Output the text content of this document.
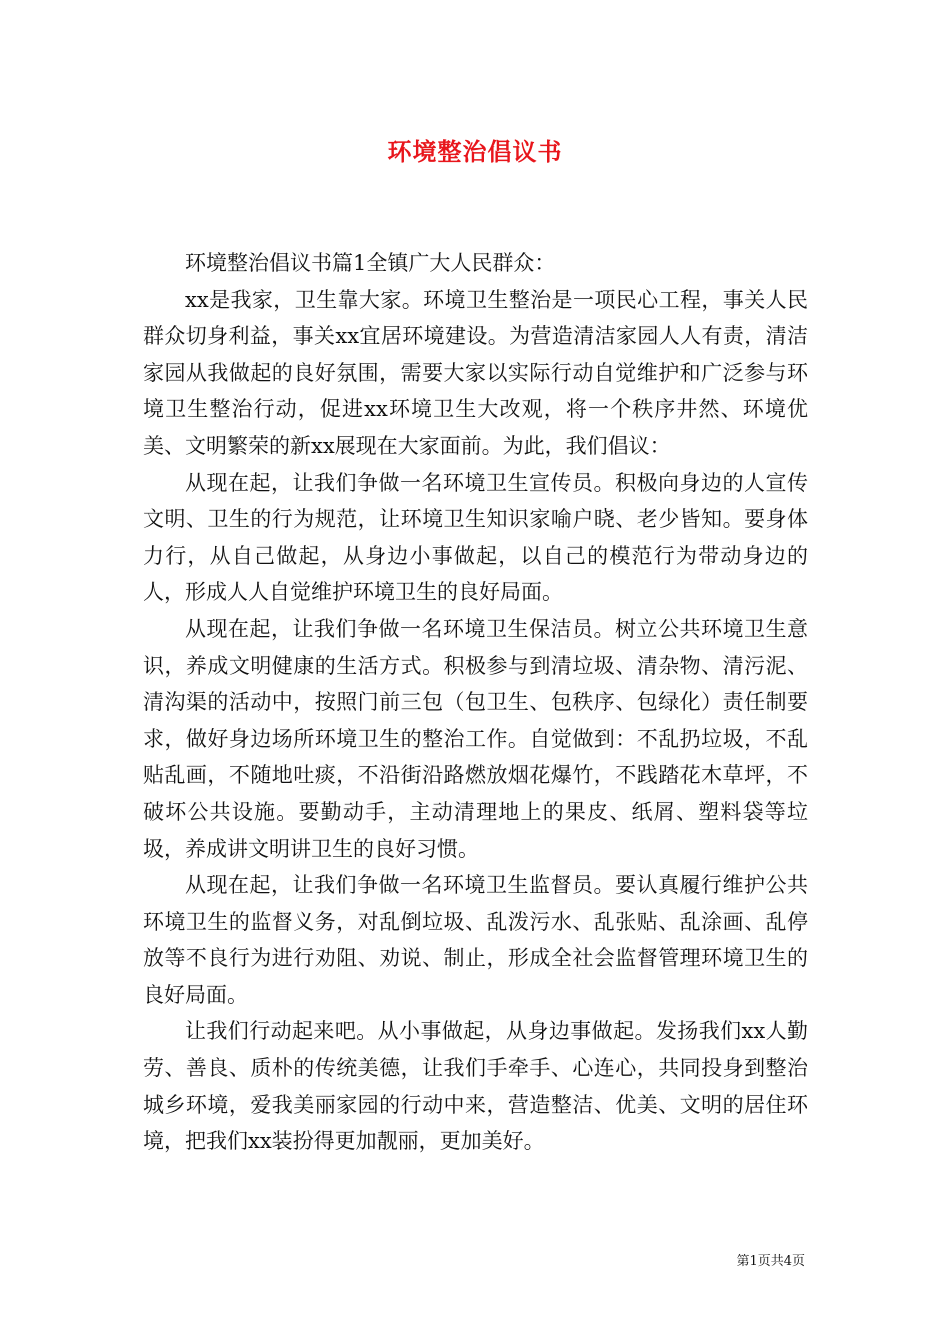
环境整治倡议书

环境整治倡议书篇1全镇广大人民群众：

xx是我家，卫生靠大家。环境卫生整治是一项民心工程，事关人民群众切身利益，事关xx宜居环境建设。为营造清洁家园人人有责，清洁家园从我做起的良好氛围，需要大家以实际行动自觉维护和广泛参与环境卫生整治行动，促进xx环境卫生大改观，将一个秩序井然、环境优美、文明繁荣的新xx展现在大家面前。为此，我们倡议：

从现在起，让我们争做一名环境卫生宣传员。积极向身边的人宣传文明、卫生的行为规范，让环境卫生知识家喻户晓、老少皆知。要身体力行，从自己做起，从身边小事做起，以自己的模范行为带动身边的人，形成人人自觉维护环境卫生的良好局面。

从现在起，让我们争做一名环境卫生保洁员。树立公共环境卫生意识，养成文明健康的生活方式。积极参与到清垃圾、清杂物、清污泥、清沟渠的活动中，按照门前三包（包卫生、包秩序、包绿化）责任制要求，做好身边场所环境卫生的整治工作。自觉做到：不乱扔垃圾，不乱贴乱画，不随地吐痰，不沿街沿路燃放烟花爆竹，不践踏花木草坪，不破坏公共设施。要勤动手，主动清理地上的果皮、纸屑、塑料袋等垃圾，养成讲文明讲卫生的良好习惯。

从现在起，让我们争做一名环境卫生监督员。要认真履行维护公共环境卫生的监督义务，对乱倒垃圾、乱泼污水、乱张贴、乱涂画、乱停放等不良行为进行劝阻、劝说、制止，形成全社会监督管理环境卫生的良好局面。

让我们行动起来吧。从小事做起，从身边事做起。发扬我们xx人勤劳、善良、质朴的传统美德，让我们手牵手、心连心，共同投身到整治城乡环境，爱我美丽家园的行动中来，营造整洁、优美、文明的居住环境，把我们xx装扮得更加靓丽，更加美好。

第1页共4页
